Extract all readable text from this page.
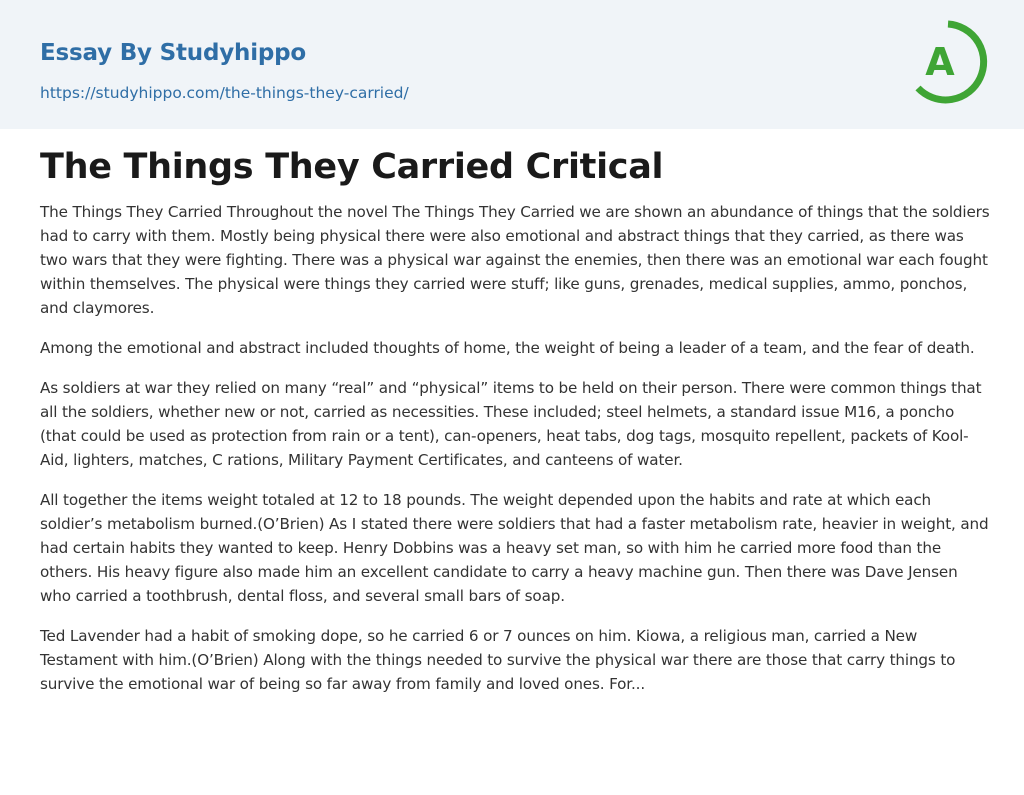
Essay By Studyhippo
https://studyhippo.com/the-things-they-carried/
A
The Things They Carried Critical

The Things They Carried Throughout the novel The Things They Carried we are shown an abundance of things that the soldiers had to carry with them. Mostly being physical there were also emotional and abstract things that they carried, as there was two wars that they were fighting. There was a physical war against the enemies, then there was an emotional war each fought within themselves. The physical were things they carried were stuff; like guns, grenades, medical supplies, ammo, ponchos, and claymores.

Among the emotional and abstract included thoughts of home, the weight of being a leader of a team, and the fear of death.

As soldiers at war they relied on many “real” and “physical” items to be held on their person. There were common things that all the soldiers, whether new or not, carried as necessities. These included; steel helmets, a standard issue M16, a poncho (that could be used as protection from rain or a tent), can-openers, heat tabs, dog tags, mosquito repellent, packets of Kool-Aid, lighters, matches, C rations, Military Payment Certificates, and canteens of water.

All together the items weight totaled at 12 to 18 pounds. The weight depended upon the habits and rate at which each soldier’s metabolism burned.(O’Brien) As I stated there were soldiers that had a faster metabolism rate, heavier in weight, and had certain habits they wanted to keep. Henry Dobbins was a heavy set man, so with him he carried more food than the others. His heavy figure also made him an excellent candidate to carry a heavy machine gun. Then there was Dave Jensen who carried a toothbrush, dental floss, and several small bars of soap.

Ted Lavender had a habit of smoking dope, so he carried 6 or 7 ounces on him. Kiowa, a religious man, carried a New Testament with him.(O’Brien) Along with the things needed to survive the physical war there are those that carry things to survive the emotional war of being so far away from family and loved ones. For...
